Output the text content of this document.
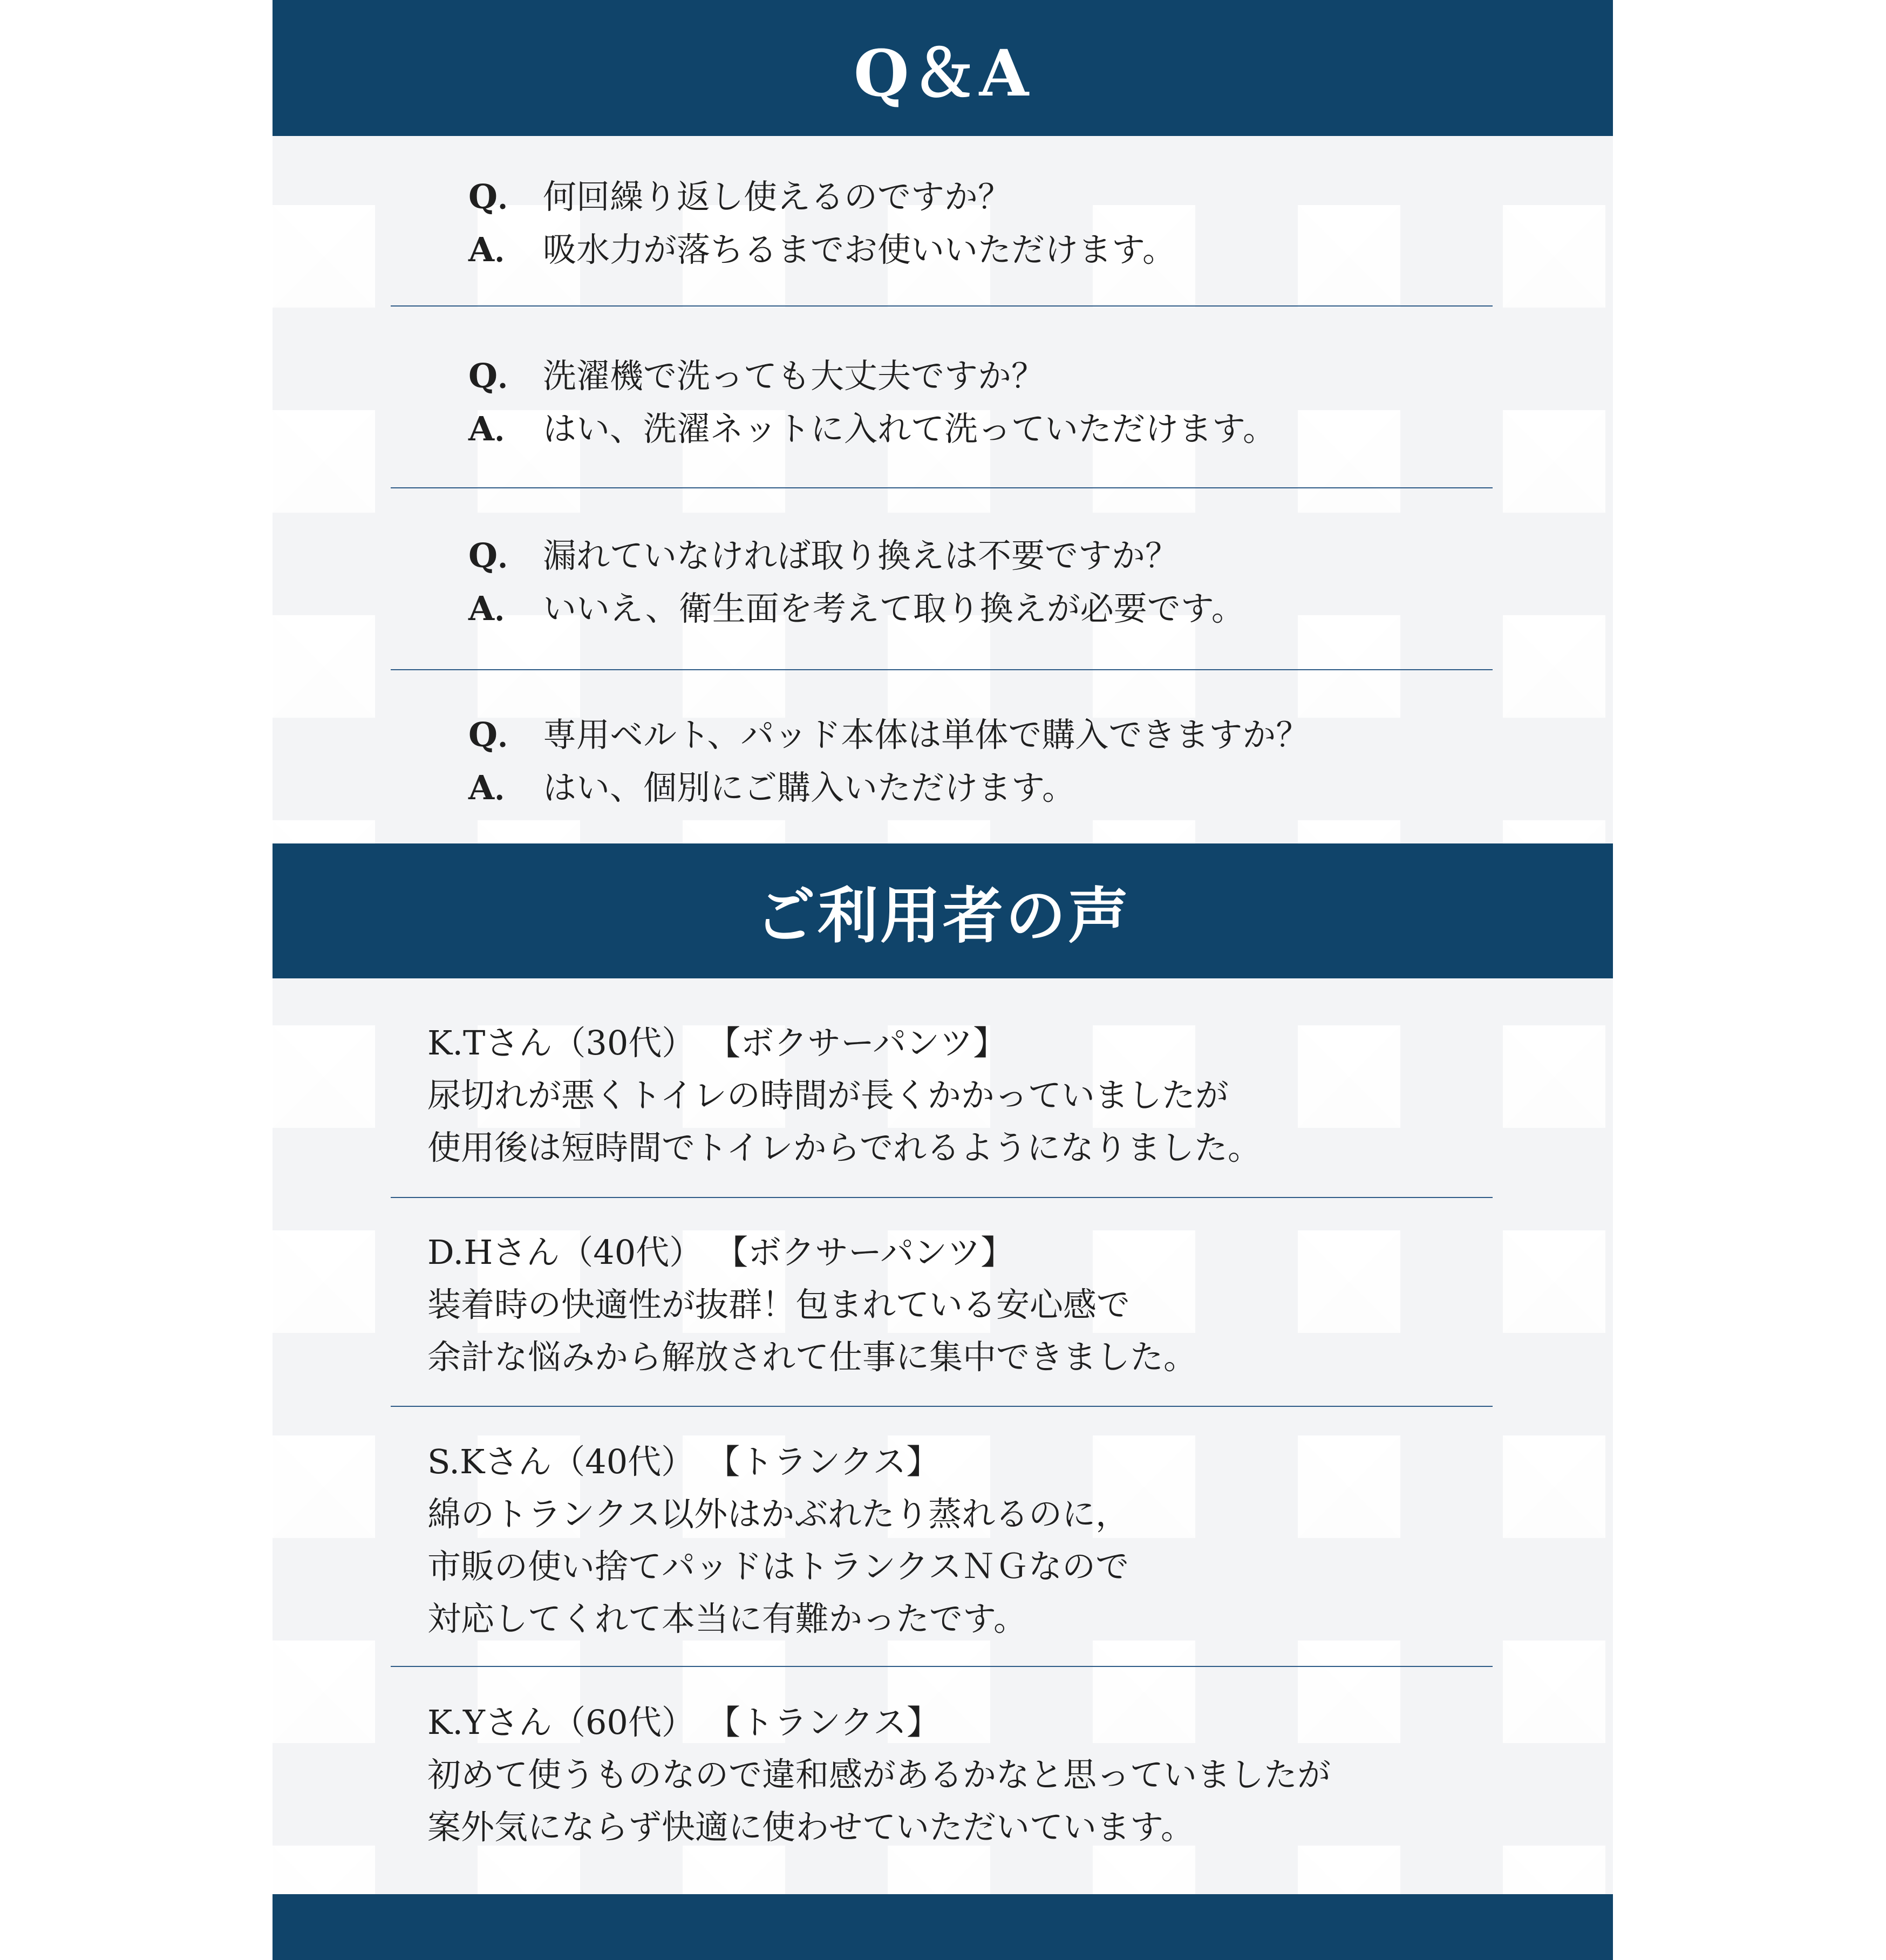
Q＆A
Q． 何回繰り返し使えるのですか？
A． 吸水力が落ちるまでお使いいただけます。
Q． 洗濯機で洗っても大丈夫ですか？
A． はい、洗濯ネットに入れて洗っていただけます。
Q． 漏れていなければ取り換えは不要ですか？
A． いいえ、衛生面を考えて取り換えが必要です。
Q． 専用ベルト、パッド本体は単体で購入できますか？
A． はい、個別にご購入いただけます。
ご利用者の声
K.Tさん（30代） 【ボクサーパンツ】
尿切れが悪くトイレの時間が長くかかっていましたが
使用後は短時間でトイレからでれるようになりました。
D.Hさん（40代） 【ボクサーパンツ】
装着時の快適性が抜群！包まれている安心感で
余計な悩みから解放されて仕事に集中できました。
S.Kさん（40代） 【トランクス】
綿のトランクス以外はかぶれたり蒸れるのに，
市販の使い捨てパッドはトランクスＮＧなので
対応してくれて本当に有難かったです。
K.Yさん（60代） 【トランクス】
初めて使うものなので違和感があるかなと思っていましたが
案外気にならず快適に使わせていただいています。
